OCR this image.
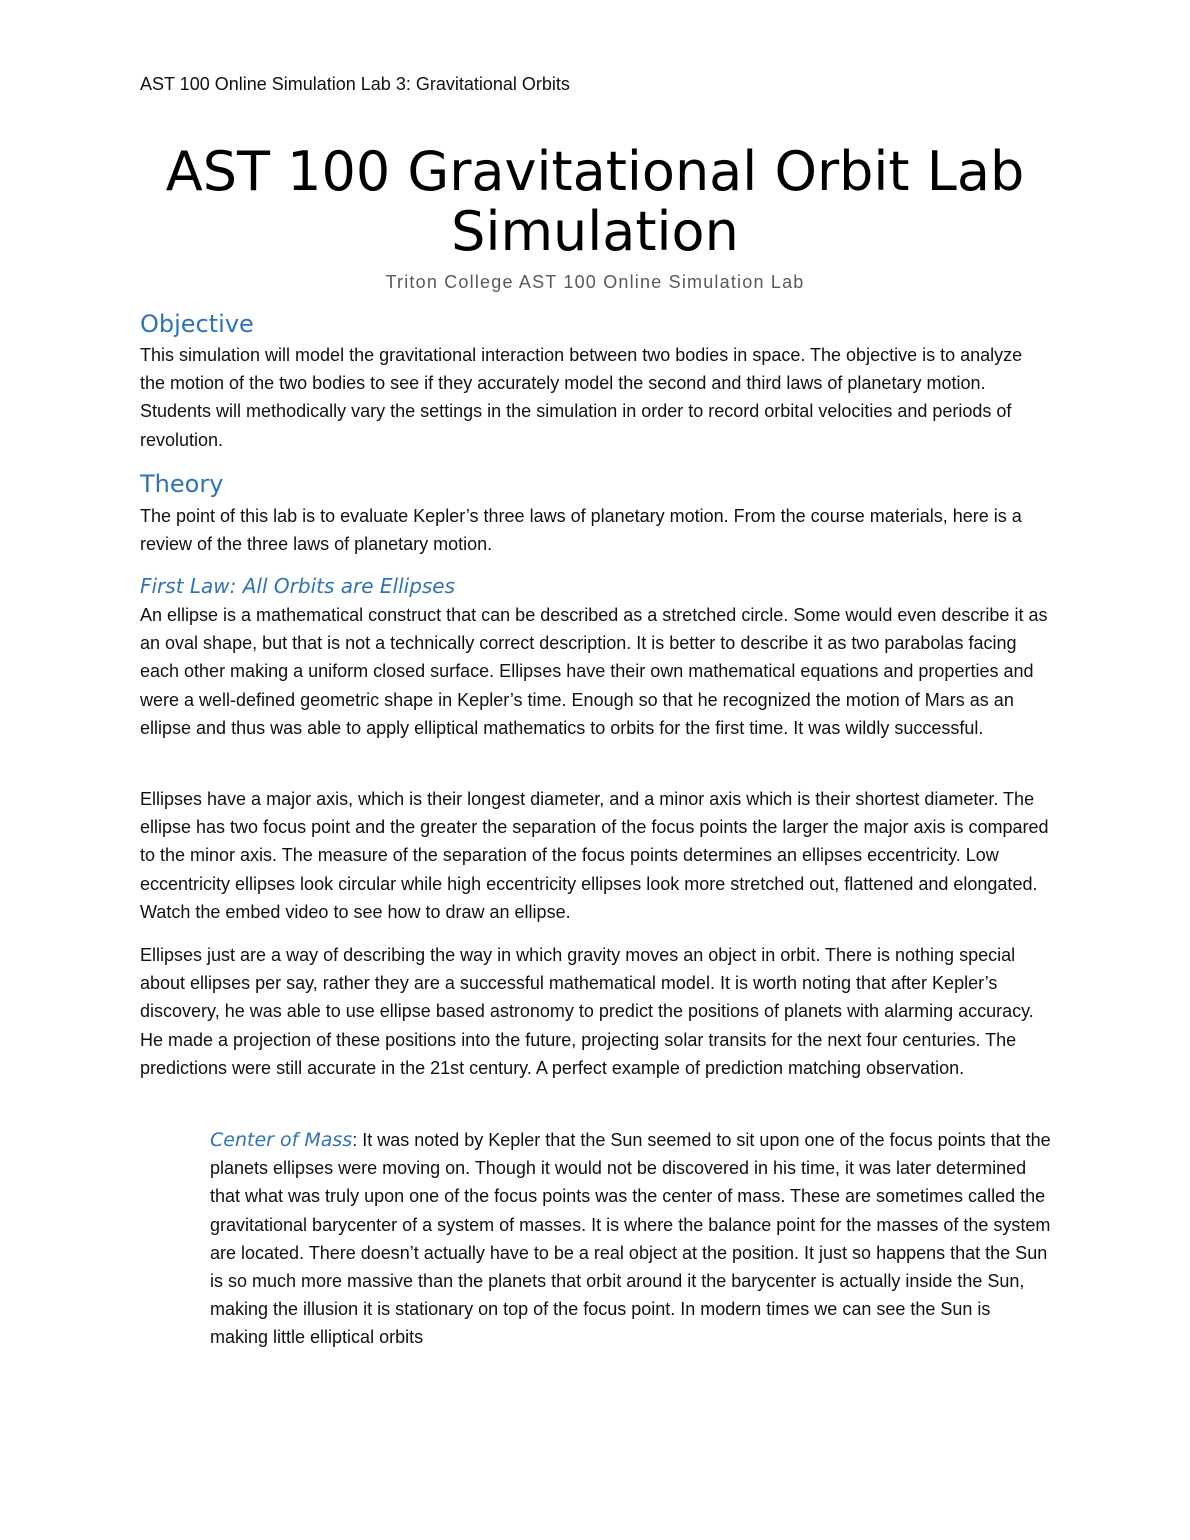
AST 100 Online Simulation Lab 3: Gravitational Orbits
AST 100 Gravitational Orbit Lab Simulation
Triton College AST 100 Online Simulation Lab
Objective

This simulation will model the gravitational interaction between two bodies in space. The objective is to analyze the motion of the two bodies to see if they accurately model the second and third laws of planetary motion. Students will methodically vary the settings in the simulation in order to record orbital velocities and periods of revolution.

Theory

The point of this lab is to evaluate Kepler’s three laws of planetary motion. From the course materials, here is a review of the three laws of planetary motion.

First Law: All Orbits are Ellipses

An ellipse is a mathematical construct that can be described as a stretched circle. Some would even describe it as an oval shape, but that is not a technically correct description. It is better to describe it as two parabolas facing each other making a uniform closed surface. Ellipses have their own mathematical equations and properties and were a well-defined geometric shape in Kepler’s time. Enough so that he recognized the motion of Mars as an ellipse and thus was able to apply elliptical mathematics to orbits for the first time. It was wildly successful.

Ellipses have a major axis, which is their longest diameter, and a minor axis which is their shortest diameter. The ellipse has two focus point and the greater the separation of the focus points the larger the major axis is compared to the minor axis. The measure of the separation of the focus points determines an ellipses eccentricity. Low eccentricity ellipses look circular while high eccentricity ellipses look more stretched out, flattened and elongated. Watch the embed video to see how to draw an ellipse.

Ellipses just are a way of describing the way in which gravity moves an object in orbit. There is nothing special about ellipses per say, rather they are a successful mathematical model. It is worth noting that after Kepler’s discovery, he was able to use ellipse based astronomy to predict the positions of planets with alarming accuracy. He made a projection of these positions into the future, projecting solar transits for the next four centuries. The predictions were still accurate in the 21st century. A perfect example of prediction matching observation.

Center of Mass: It was noted by Kepler that the Sun seemed to sit upon one of the focus points that the planets ellipses were moving on. Though it would not be discovered in his time, it was later determined that what was truly upon one of the focus points was the center of mass. These are sometimes called the gravitational barycenter of a system of masses. It is where the balance point for the masses of the system are located. There doesn’t actually have to be a real object at the position. It just so happens that the Sun is so much more massive than the planets that orbit around it the barycenter is actually inside the Sun, making the illusion it is stationary on top of the focus point. In modern times we can see the Sun is making little elliptical orbits
